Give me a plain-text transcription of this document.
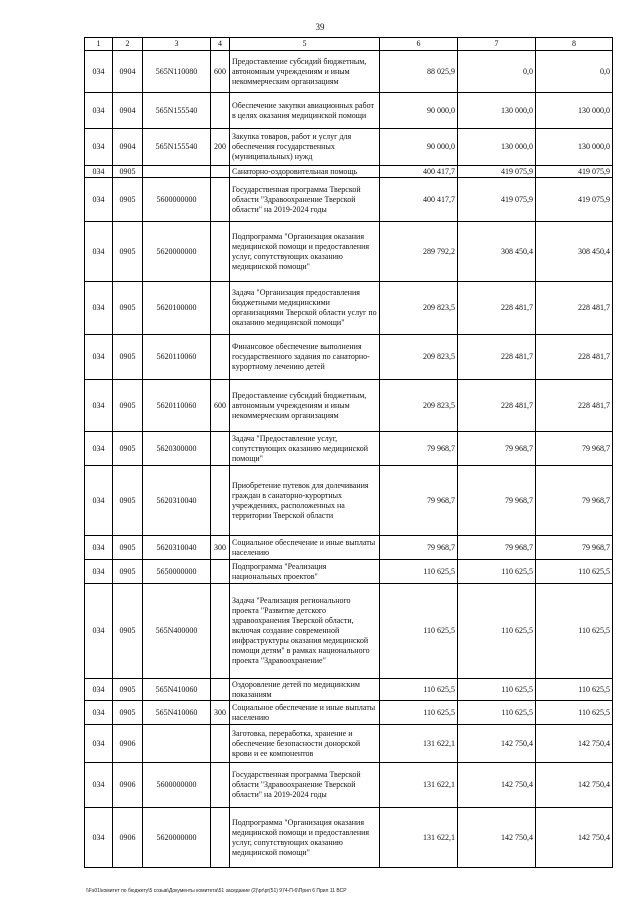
39
1	2	3	4	5	6	7	8
034	0904	565N110080	600	Предоставление субсидий бюджетным, автономным учреждениям и иным некоммерческим организациям	88 025,9	0,0	0,0
034	0904	565N155540		Обеспечение закупки авиационных работ в целях оказания медицинской помощи	90 000,0	130 000,0	130 000,0
034	0904	565N155540	200	Закупка товаров, работ и услуг для обеспечения государственных (муниципальных) нужд	90 000,0	130 000,0	130 000,0
034	0905			Санаторно-оздоровительная помощь	400 417,7	419 075,9	419 075,9
034	0905	5600000000		Государственная программа Тверской области "Здравоохранение Тверской области" на 2019-2024 годы	400 417,7	419 075,9	419 075,9
034	0905	5620000000		Подпрограмма "Организация оказания медицинской помощи и предоставления услуг, сопутствующих оказанию медицинской помощи"	289 792,2	308 450,4	308 450,4
034	0905	5620100000		Задача "Организация предоставления бюджетными медицинскими организациями Тверской области услуг по оказанию медицинской помощи"	209 823,5	228 481,7	228 481,7
034	0905	5620110060		Финансовое обеспечение выполнения государственного задания по санаторно-курортному лечению детей	209 823,5	228 481,7	228 481,7
034	0905	5620110060	600	Предоставление субсидий бюджетным, автономным учреждениям и иным некоммерческим организациям	209 823,5	228 481,7	228 481,7
034	0905	5620300000		Задача "Предоставление услуг, сопутствующих оказанию медицинской помощи"	79 968,7	79 968,7	79 968,7
034	0905	5620310040		Приобретение путевок для долечивания граждан в санаторно-курортных учреждениях, расположенных на территории Тверской области	79 968,7	79 968,7	79 968,7
034	0905	5620310040	300	Социальное обеспечение и иные выплаты населению	79 968,7	79 968,7	79 968,7
034	0905	5650000000		Подпрограмма "Реализация национальных проектов"	110 625,5	110 625,5	110 625,5
034	0905	565N400000		Задача "Реализация регионального проекта "Развитие детского здравоохранения Тверской области, включая создание современной инфраструктуры оказания медицинской помощи детям" в рамках национального проекта "Здравоохранение"	110 625,5	110 625,5	110 625,5
034	0905	565N410060		Оздоровление детей по медицинским показаниям	110 625,5	110 625,5	110 625,5
034	0905	565N410060	300	Социальное обеспечение и иные выплаты населению	110 625,5	110 625,5	110 625,5
034	0906			Заготовка, переработка, хранение и обеспечение безопасности донорской крови и ее компонентов	131 622,1	142 750,4	142 750,4
034	0906	5600000000		Государственная программа Тверской области "Здравоохранение Тверской области" на 2019-2024 годы	131 622,1	142 750,4	142 750,4
034	0906	5620000000		Подпрограмма "Организация оказания медицинской помощи и предоставления услуг, сопутствующих оказанию медицинской помощи"	131 622,1	142 750,4	142 750,4
\\Fs01\комитет по бюджету\5 созыв\Документы комитета\51 заседание (2)\pr\pr(51) 974-П-6\Прил 6 Прил 11 ВСР
